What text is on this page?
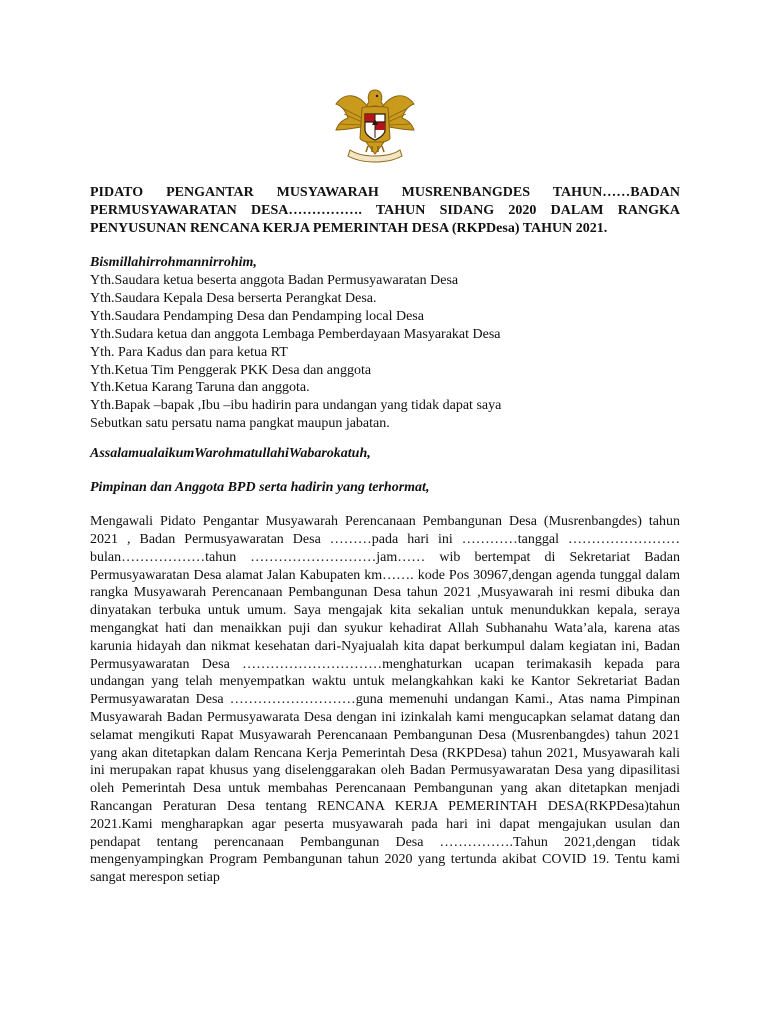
PIDATO PENGANTAR MUSYAWARAH MUSRENBANGDES TAHUN……BADAN PERMUSYAWARATAN DESA……………. TAHUN SIDANG 2020 DALAM RANGKA PENYUSUNAN RENCANA KERJA PEMERINTAH DESA (RKPDesa) TAHUN 2021.

Bismillahirrohmannirrohim,

Yth.Saudara ketua beserta anggota Badan Permusyawaratan Desa
Yth.Saudara Kepala Desa berserta Perangkat Desa.
Yth.Saudara Pendamping Desa dan Pendamping local Desa
Yth.Sudara ketua dan anggota Lembaga Pemberdayaan Masyarakat Desa
Yth. Para Kadus dan para ketua RT
Yth.Ketua Tim Penggerak PKK Desa dan anggota
Yth.Ketua Karang Taruna dan anggota.
Yth.Bapak –bapak ,Ibu –ibu hadirin para undangan yang tidak dapat saya
Sebutkan satu persatu nama pangkat maupun jabatan.

AssalamualaikumWarohmatullahiWabarokatuh,

Pimpinan dan Anggota BPD serta hadirin yang terhormat,

Mengawali Pidato Pengantar Musyawarah Perencanaan Pembangunan Desa (Musrenbangdes) tahun 2021 , Badan Permusyawaratan Desa ………pada hari ini …………tanggal ……………………bulan………………tahun ………………………jam…… wib bertempat di Sekretariat Badan Permusyawaratan Desa alamat Jalan Kabupaten km……. kode Pos 30967,dengan agenda tunggal dalam rangka Musyawarah Perencanaan Pembangunan Desa tahun 2021 ,Musyawarah ini resmi dibuka dan dinyatakan terbuka untuk umum. Saya mengajak kita sekalian untuk menundukkan kepala, seraya mengangkat hati dan menaikkan puji dan syukur kehadirat Allah Subhanahu Wata’ala, karena atas karunia hidayah dan nikmat kesehatan dari-Nyajualah kita dapat berkumpul dalam kegiatan ini, Badan Permusyawaratan Desa …………………………menghaturkan ucapan terimakasih kepada para undangan yang telah menyempatkan waktu untuk melangkahkan kaki ke Kantor Sekretariat Badan Permusyawaratan Desa ………………………guna memenuhi undangan Kami., Atas nama Pimpinan Musyawarah Badan Permusyawarata Desa dengan ini izinkalah kami mengucapkan selamat datang dan selamat mengikuti Rapat Musyawarah Perencanaan Pembangunan Desa (Musrenbangdes) tahun 2021 yang akan ditetapkan dalam Rencana Kerja Pemerintah Desa (RKPDesa) tahun 2021, Musyawarah kali ini merupakan rapat khusus yang diselenggarakan oleh Badan Permusyawaratan Desa yang dipasilitasi oleh Pemerintah Desa untuk membahas Perencanaan Pembangunan yang akan ditetapkan menjadi Rancangan Peraturan Desa tentang RENCANA KERJA PEMERINTAH DESA(RKPDesa)tahun 2021.Kami mengharapkan agar peserta musyawarah pada hari ini dapat mengajukan usulan dan pendapat tentang perencanaan Pembangunan Desa …………….Tahun 2021,dengan tidak mengenyampingkan Program Pembangunan tahun 2020 yang tertunda akibat COVID 19. Tentu kami sangat merespon setiap
